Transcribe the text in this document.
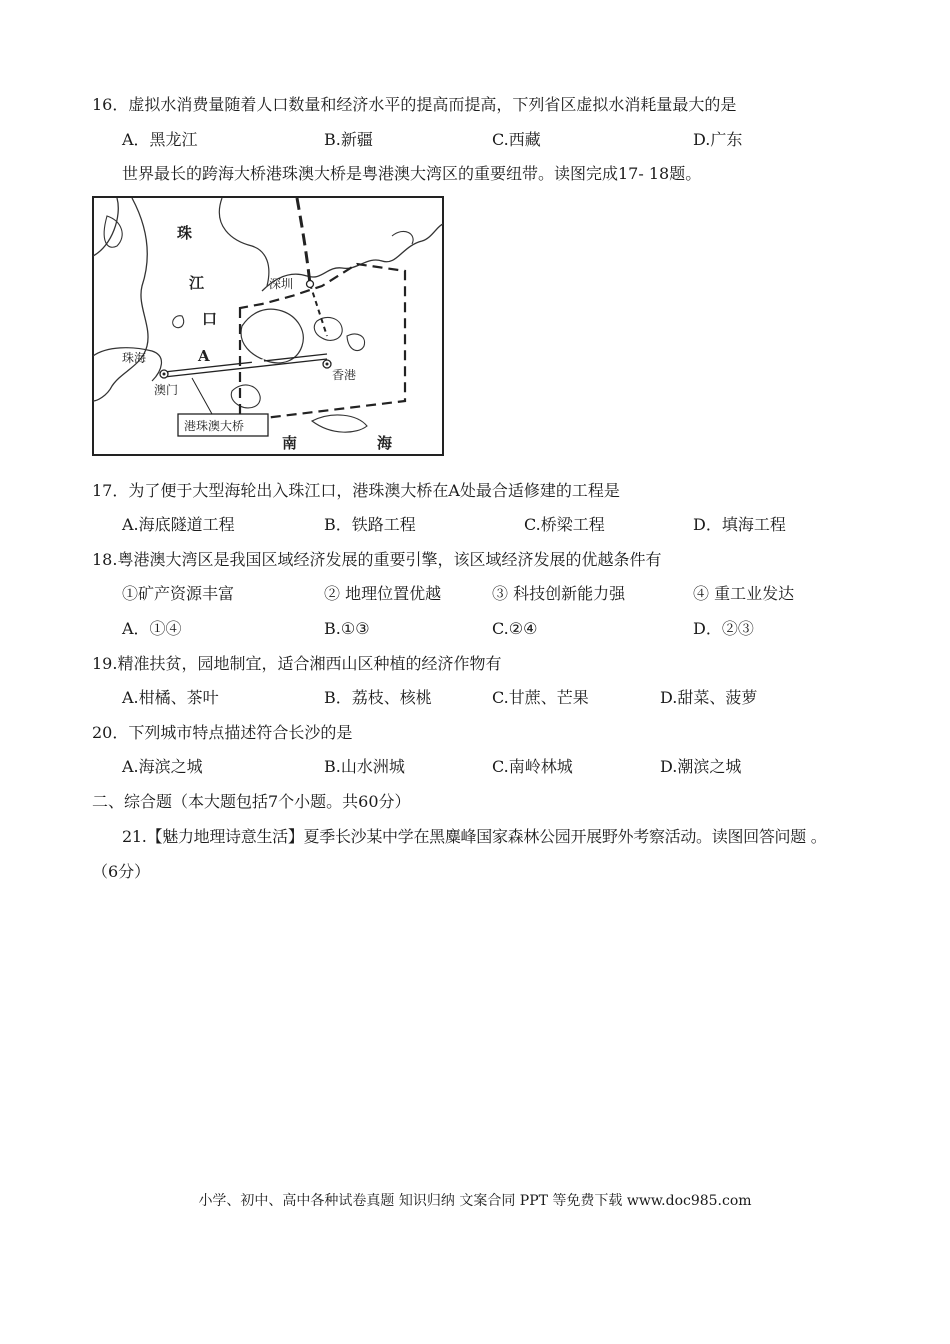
16．虚拟水消费量随着人口数量和经济水平的提高而提高，下列省区虚拟水消耗量最大的是
A．黑龙江	B.新疆	C.西藏	D.广东
世界最长的跨海大桥港珠澳大桥是粤港澳大湾区的重要纽带。读图完成17- 18题。
珠
江
口
深圳
珠海	A
澳门
香港
南	海
港珠澳大桥
17．为了便于大型海轮出入珠江口，港珠澳大桥在A处最合适修建的工程是
A.海底隧道工程	B．铁路工程	C.桥梁工程	D．填海工程
18.粤港澳大湾区是我国区域经济发展的重要引擎，该区域经济发展的优越条件有
①矿产资源丰富	② 地理位置优越	③ 科技创新能力强	④ 重工业发达
A．①④	B.①③	C.②④	D．②③
19.精准扶贫，园地制宜，适合湘西山区种植的经济作物有
A.柑橘、茶叶	B．荔枝、核桃	C.甘蔗、芒果	D.甜菜、菠萝
20．下列城市特点描述符合长沙的是
A.海滨之城	B.山水洲城	C.南岭林城	D.潮滨之城
二、综合题（本大题包括7个小题。共60分）
21.【魅力地理诗意生活】夏季长沙某中学在黑麋峰国家森林公园开展野外考察活动。读图回答问题 。
（6分）
小学、初中、高中各种试卷真题 知识归纳 文案合同 PPT 等免费下载 www.doc985.com
